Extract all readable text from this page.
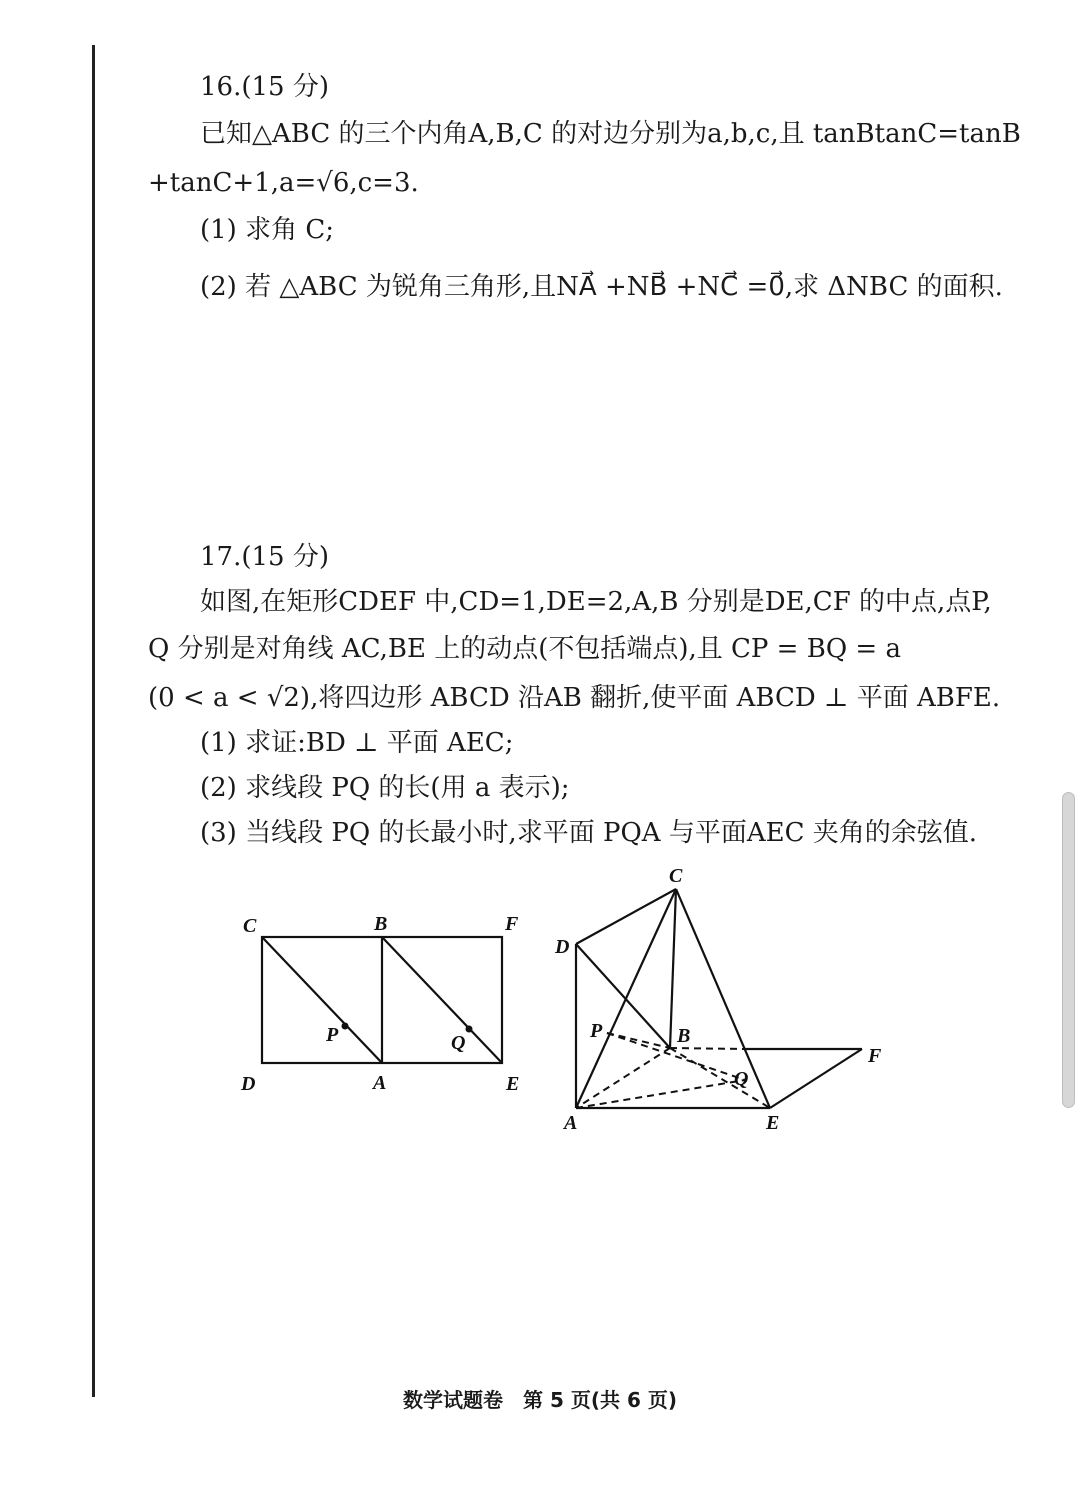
16.(15 分)
已知△ABC 的三个内角A,B,C 的对边分别为a,b,c,且 tanBtanC=tanB
+tanC+1,a=√6,c=3.
(1) 求角 C;
(2) 若 △ABC 为锐角三角形,且NA⃗ +NB⃗ +NC⃗ =0⃗,求 ΔNBC 的面积.
17.(15 分)
如图,在矩形CDEF 中,CD=1,DE=2,A,B 分别是DE,CF 的中点,点P,
Q 分别是对角线 AC,BE 上的动点(不包括端点),且 CP = BQ = a
(0 < a < √2),将四边形 ABCD 沿AB 翻折,使平面 ABCD ⊥ 平面 ABFE.
(1) 求证:BD ⊥ 平面 AEC;
(2) 求线段 PQ 的长(用 a 表示);
(3) 当线段 PQ 的长最小时,求平面 PQA 与平面AEC 夹角的余弦值.
C	B	F
D	A	E
P	Q
C
D
P	B
F
Q
A	E
数学试题卷　第 5 页(共 6 页)
